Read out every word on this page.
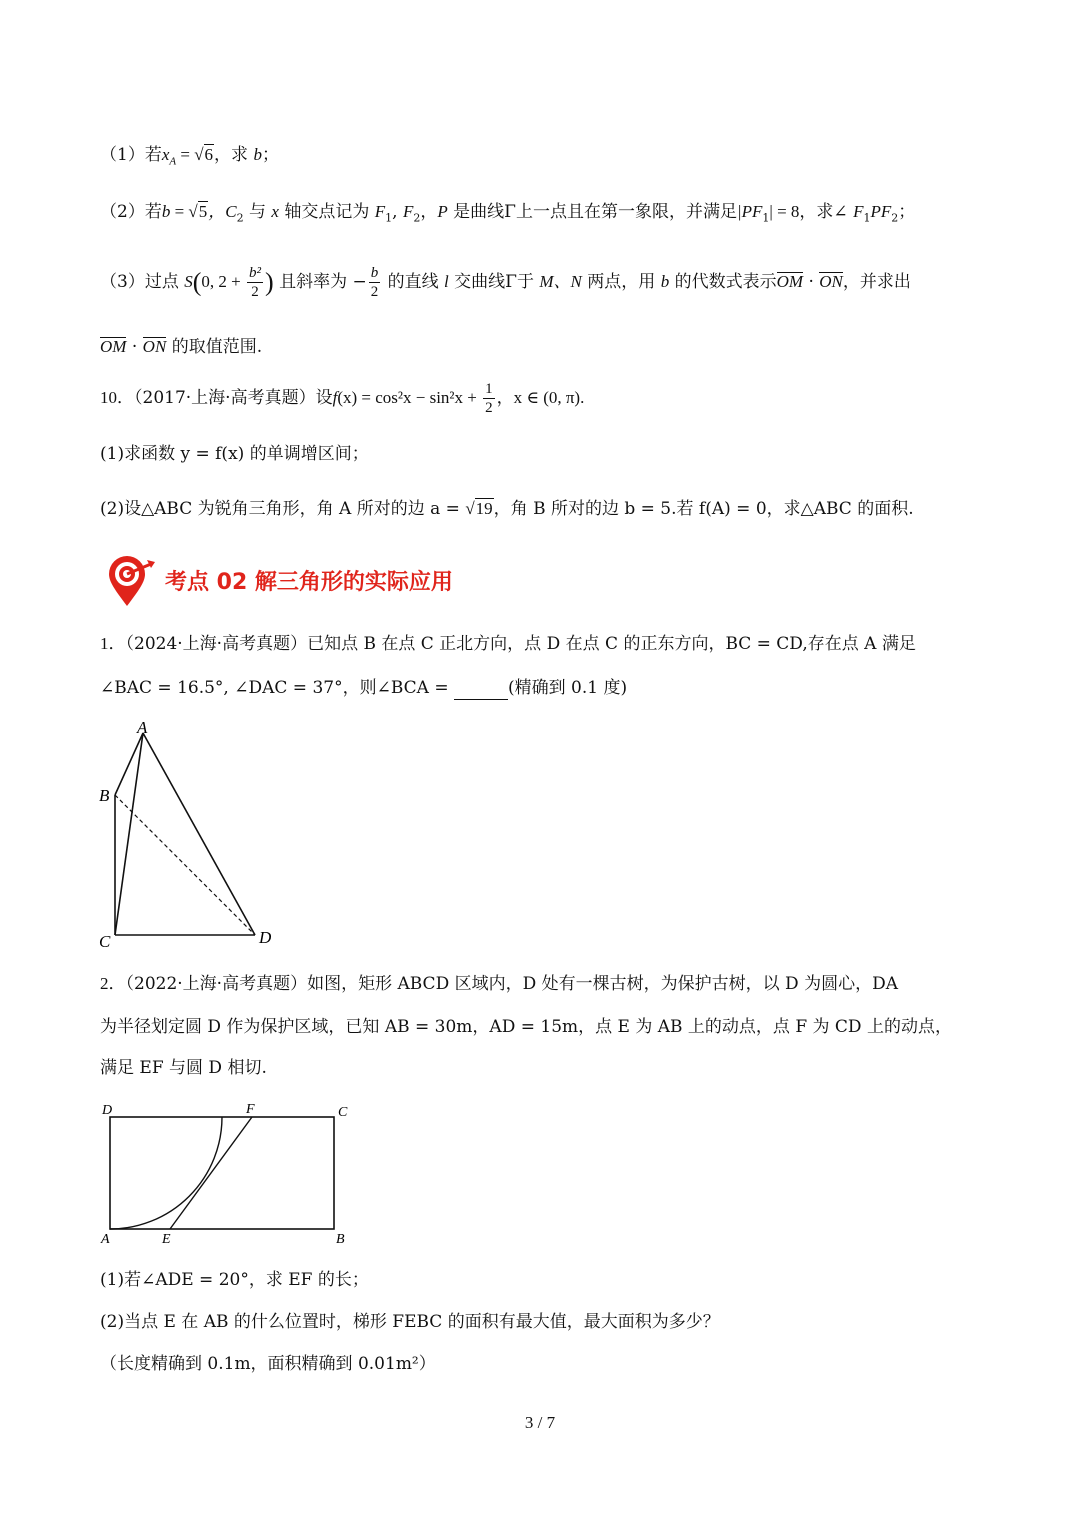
（1）若$x_A = √6$，求 b；
（2）若b = √5，$C_2$ 与 x 轴交点记为 $F_1$, $F_2$，P 是曲线Γ上一点且在第一象限，并满足$|PF_1| = 8$，求∠ $F_1PF_2$；
（3）过点 S(0, $2 + \frac{\text{b²}}{2}$ ) 且斜率为 − $\frac{b}{2}$ 的直线 l 交曲线Γ于 M、N 两点，用 b 的代数式表示OM · ON，并求出
OM · ON 的取值范围.
10．（2017·上海·高考真题）设$f(x) = \cos^2x - \sin^2x + \frac{1}{2}$ ，x ∈ (0, π).
(1)求函数 y = f(x) 的单调增区间；
(2)设△ABC 为锐角三角形，角 A 所对的边 a = √19，角 B 所对的边 b = 5.若 f(A) = 0，求△ABC 的面积.
考点 02 解三角形的实际应用
1．（2024·上海·高考真题）已知点 B 在点 C 正北方向，点 D 在点 C 的正东方向，BC = CD,存在点 A 满足
∠BAC = 16.5°, ∠DAC = 37°，则∠BCA =	(精确到 0.1 度)
A
B
C	D
2．（2022·上海·高考真题）如图，矩形 ABCD 区域内，D 处有一棵古树，为保护古树，以 D 为圆心，DA
为半径划定圆 D 作为保护区域，已知 AB = 30m，AD = 15m，点 E 为 AB 上的动点，点 F 为 CD 上的动点，
满足 EF 与圆 D 相切.
D	F	C
A	E	B
(1)若∠ADE = 20°，求 EF 的长；
(2)当点 E 在 AB 的什么位置时，梯形 FEBC 的面积有最大值，最大面积为多少？
（长度精确到 0.1m，面积精确到 0.01m²）
3 / 7
